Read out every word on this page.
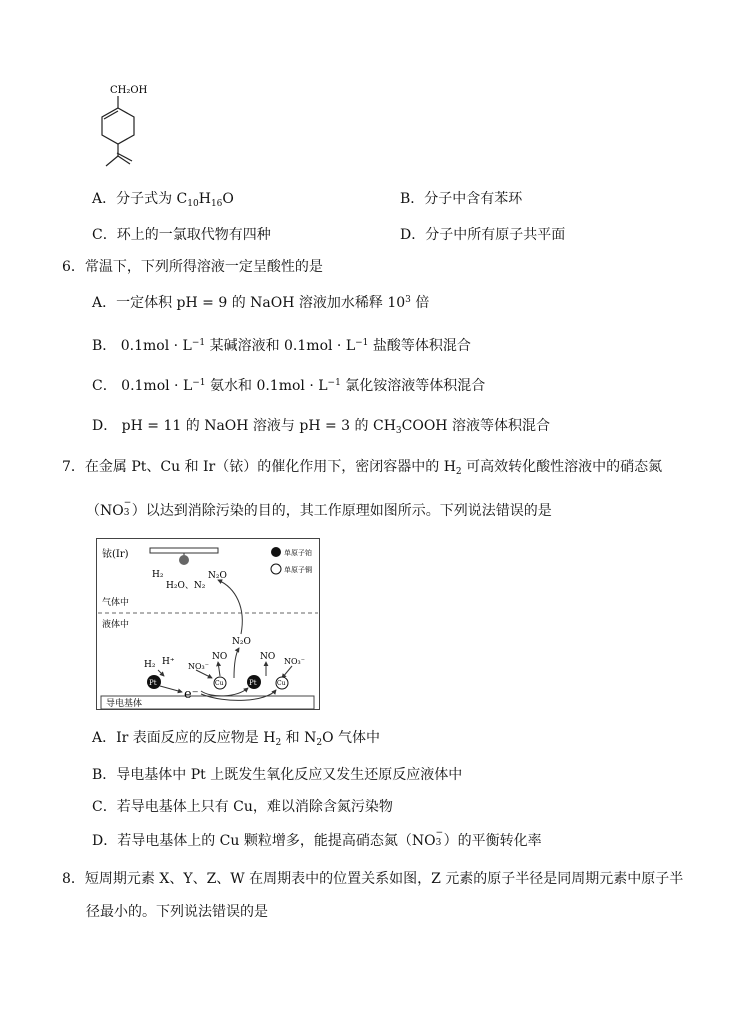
CH₂OH
A．分子式为 $C_{10}H_{16}O$	B．分子中含有苯环
C．环上的一氯取代物有四种	D．分子中所有原子共平面
6．常温下，下列所得溶液一定呈酸性的是
A．一定体积 pH = 9 的 NaOH 溶液加水稀释 $10^3$ 倍
B． $0.1mol \cdot L^{-1}$ 某碱溶液和 $0.1mol \cdot L^{-1}$ 盐酸等体积混合
C． $0.1mol \cdot L^{-1}$ 氨水和 $0.1mol \cdot L^{-1}$ 氯化铵溶液等体积混合
D． pH = 11 的 NaOH 溶液与 pH = 3 的 $CH_3COOH$ 溶液等体积混合
7．在金属 Pt、Cu 和 Ir（铱）的催化作用下，密闭容器中的 $H_2$ 可高效转化酸性溶液中的硝态氮
（NO −
3 ）以达到消除污染的目的，其工作原理如图所示。下列说法错误的是
导电基体
铱(Ir)
H₂
H₂O、N₂
N₂O
单原子铂
单原子铜
气体中
液体中
N₂O
NO	NO
NO₃⁻
NO₃⁻
H₂ H⁺
Pt	Cu	Pt	Cu
e⁻
A．Ir 表面反应的反应物是 $H_2$ 和 $N_2O$ 气体中
B．导电基体中 Pt 上既发生氧化反应又发生还原反应液体中
C．若导电基体上只有 Cu，难以消除含氮污染物
D．若导电基体上的 Cu 颗粒增多，能提高硝态氮（NO −
3 ）的平衡转化率
8．短周期元素 X、Y、Z、W 在周期表中的位置关系如图，Z 元素的原子半径是同周期元素中原子半
径最小的。下列说法错误的是
